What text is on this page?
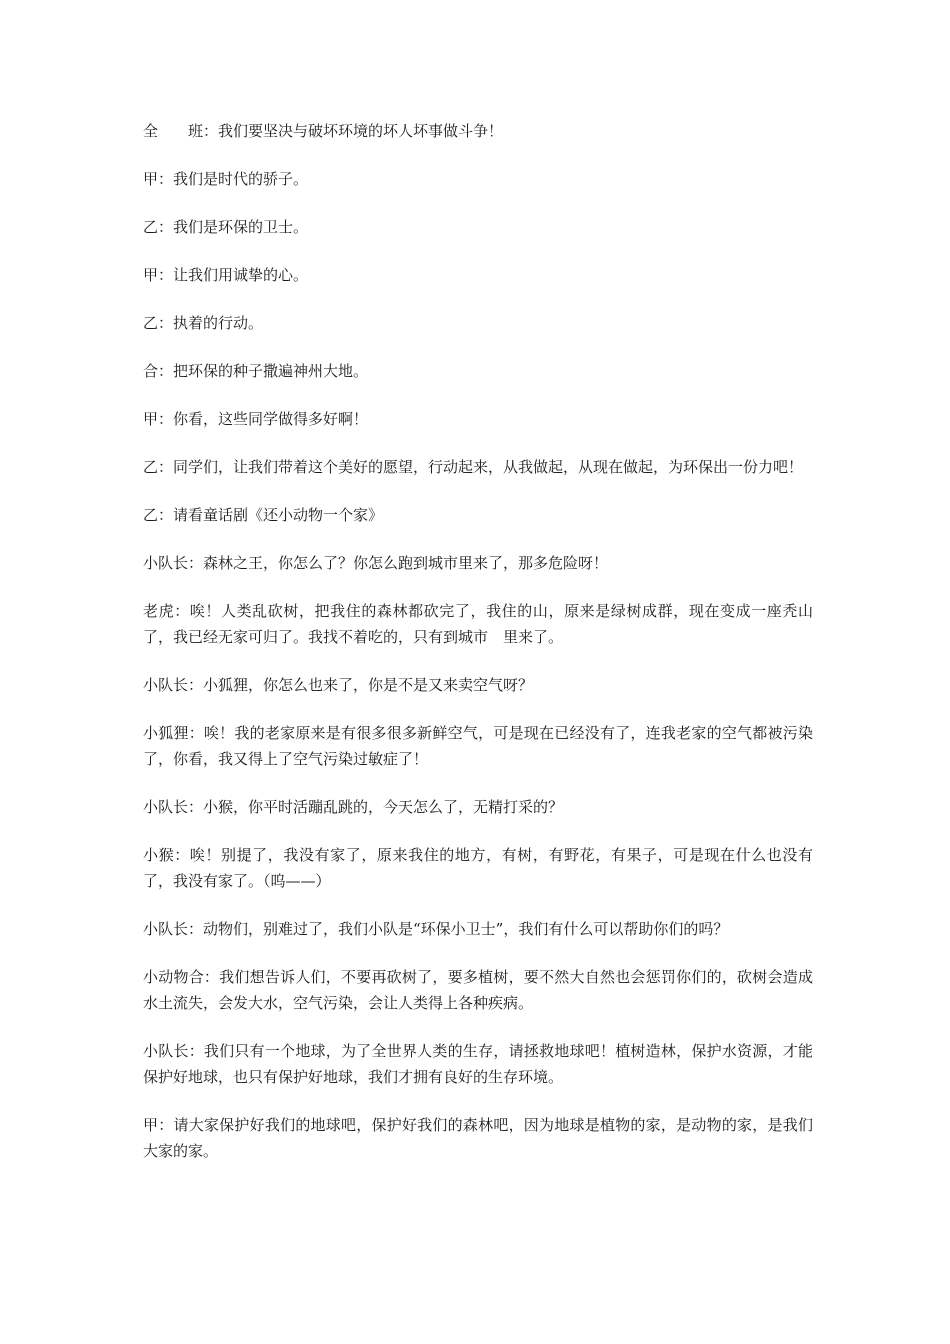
全　　班：我们要坚决与破坏环境的坏人坏事做斗争！

甲：我们是时代的骄子。

乙：我们是环保的卫士。

甲：让我们用诚挚的心。

乙：执着的行动。

合：把环保的种子撒遍神州大地。

甲：你看，这些同学做得多好啊！

乙：同学们，让我们带着这个美好的愿望，行动起来，从我做起，从现在做起，为环保出一份力吧！

乙：请看童话剧《还小动物一个家》

小队长：森林之王，你怎么了？你怎么跑到城市里来了，那多危险呀！

老虎：唉！人类乱砍树，把我住的森林都砍完了，我住的山，原来是绿树成群，现在变成一座秃山了，我已经无家可归了。我找不着吃的，只有到城市　里来了。

小队长：小狐狸，你怎么也来了，你是不是又来卖空气呀？

小狐狸：唉！我的老家原来是有很多很多新鲜空气，可是现在已经没有了，连我老家的空气都被污染了，你看，我又得上了空气污染过敏症了！

小队长：小猴，你平时活蹦乱跳的，今天怎么了，无精打采的？

小猴：唉！别提了，我没有家了，原来我住的地方，有树，有野花，有果子，可是现在什么也没有了，我没有家了。（呜——）

小队长：动物们，别难过了，我们小队是“环保小卫士”，我们有什么可以帮助你们的吗？

小动物合：我们想告诉人们，不要再砍树了，要多植树，要不然大自然也会惩罚你们的，砍树会造成水土流失，会发大水，空气污染，会让人类得上各种疾病。

小队长：我们只有一个地球，为了全世界人类的生存，请拯救地球吧！植树造林，保护水资源，才能保护好地球，也只有保护好地球，我们才拥有良好的生存环境。

甲：请大家保护好我们的地球吧，保护好我们的森林吧，因为地球是植物的家，是动物的家，是我们大家的家。
